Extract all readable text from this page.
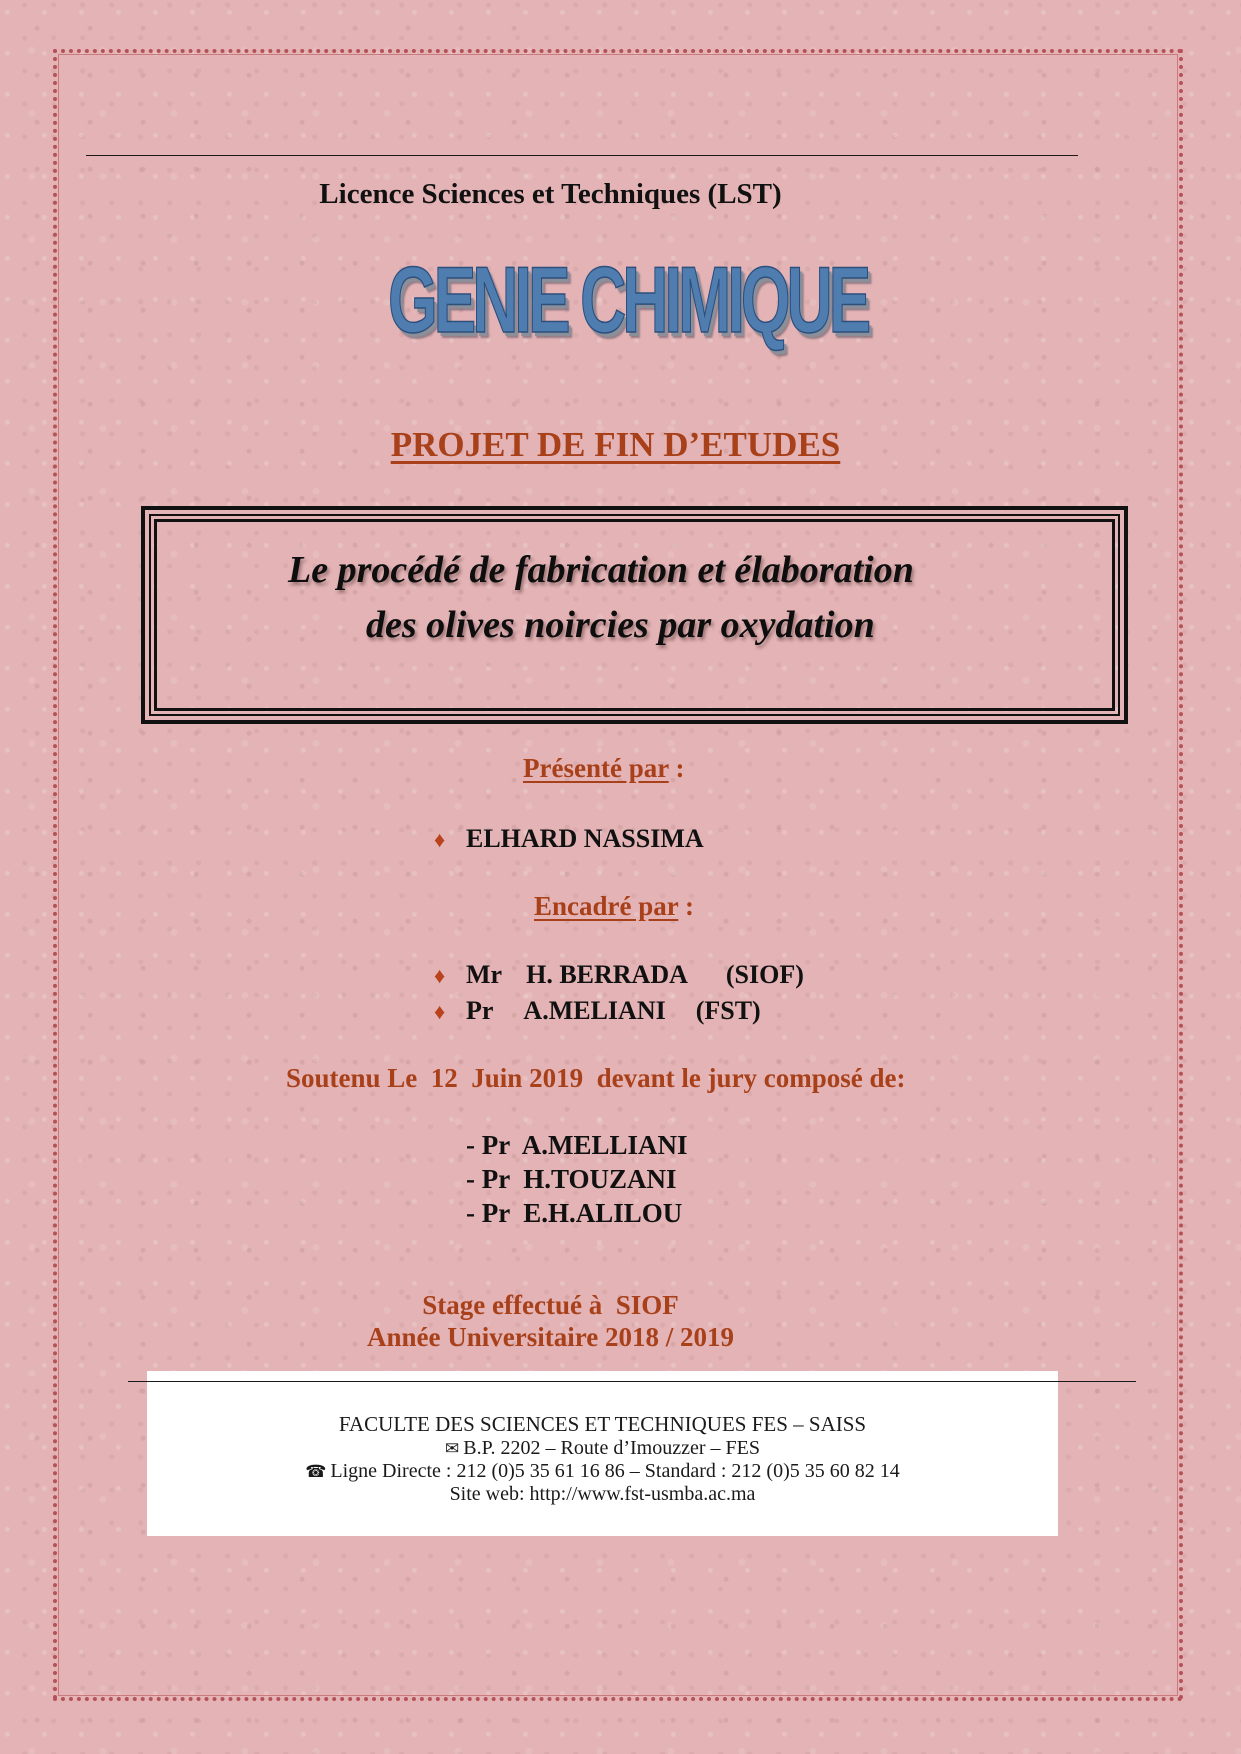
Licence Sciences et Techniques (LST)

GENIE CHIMIQUE

PROJET DE FIN D’ETUDES

Le procédé de fabrication et élaboration

des olives noircies par oxydation

Présenté par :

♦ ELHARD NASSIMA

Encadré par :

♦ Mr H. BERRADA (SIOF)

♦ Pr A.MELIANI (FST)

Soutenu Le  12  Juin 2019  devant le jury composé de:

- Pr  A.MELLIANI

- Pr  H.TOUZANI

- Pr  E.H.ALILOU

Stage effectué à  SIOF

Année Universitaire 2018 / 2019

FACULTE DES SCIENCES ET TECHNIQUES FES – SAISS

✉ B.P. 2202 – Route d’Imouzzer – FES

☎ Ligne Directe : 212 (0)5 35 61 16 86 – Standard : 212 (0)5 35 60 82 14

Site web: http://www.fst-usmba.ac.ma
